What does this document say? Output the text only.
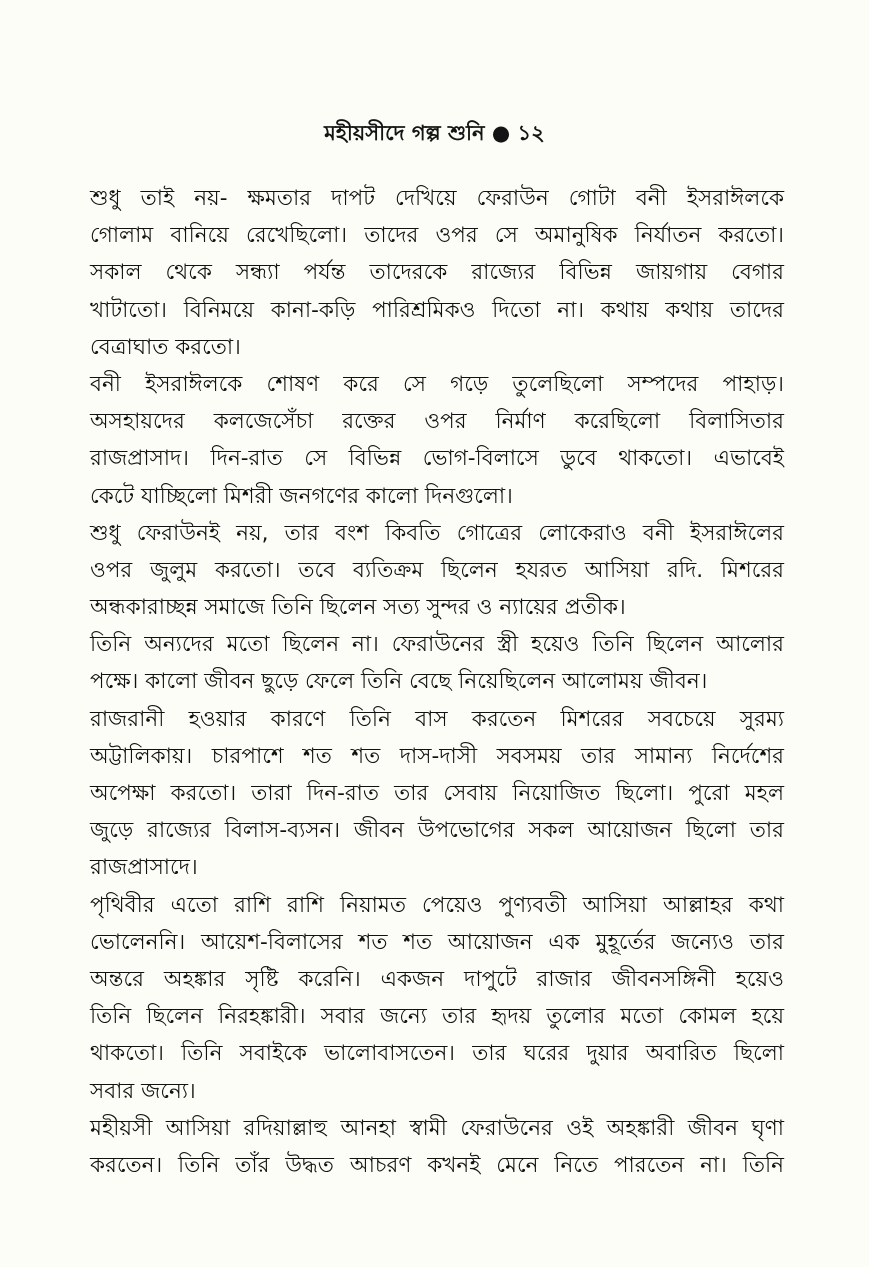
মহীয়সীদে গল্প শুনি ● ১২

শুধু তাই নয়- ক্ষমতার দাপট দেখিয়ে ফেরাউন গোটা বনী ইসরাঈলকে
গোলাম বানিয়ে রেখেছিলো। তাদের ওপর সে অমানুষিক নির্যাতন করতো।
সকাল থেকে সন্ধ্যা পর্যন্ত তাদেরকে রাজ্যের বিভিন্ন জায়গায় বেগার
খাটাতো। বিনিময়ে কানা-কড়ি পারিশ্রমিকও দিতো না। কথায় কথায় তাদের
বেত্রাঘাত করতো।

বনী ইসরাঈলকে শোষণ করে সে গড়ে তুলেছিলো সম্পদের পাহাড়।
অসহায়দের কলজেসেঁচা রক্তের ওপর নির্মাণ করেছিলো বিলাসিতার
রাজপ্রাসাদ। দিন-রাত সে বিভিন্ন ভোগ-বিলাসে ডুবে থাকতো। এভাবেই
কেটে যাচ্ছিলো মিশরী জনগণের কালো দিনগুলো।

শুধু ফেরাউনই নয়, তার বংশ কিবতি গোত্রের লোকেরাও বনী ইসরাঈলের
ওপর জুলুম করতো। তবে ব্যতিক্রম ছিলেন হযরত আসিয়া রদি. মিশরের
অন্ধকারাচ্ছন্ন সমাজে তিনি ছিলেন সত্য সুন্দর ও ন্যায়ের প্রতীক।

তিনি অন্যদের মতো ছিলেন না। ফেরাউনের স্ত্রী হয়েও তিনি ছিলেন আলোর
পক্ষে। কালো জীবন ছুড়ে ফেলে তিনি বেছে নিয়েছিলেন আলোময় জীবন।

রাজরানী হওয়ার কারণে তিনি বাস করতেন মিশরের সবচেয়ে সুরম্য
অট্টালিকায়। চারপাশে শত শত দাস-দাসী সবসময় তার সামান্য নির্দেশের
অপেক্ষা করতো। তারা দিন-রাত তার সেবায় নিয়োজিত ছিলো। পুরো মহল
জুড়ে রাজ্যের বিলাস-ব্যসন। জীবন উপভোগের সকল আয়োজন ছিলো তার
রাজপ্রাসাদে।

পৃথিবীর এতো রাশি রাশি নিয়ামত পেয়েও পুণ্যবতী আসিয়া আল্লাহর কথা
ভোলেননি। আয়েশ-বিলাসের শত শত আয়োজন এক মুহূর্তের জন্যেও তার
অন্তরে অহঙ্কার সৃষ্টি করেনি। একজন দাপুটে রাজার জীবনসঙ্গিনী হয়েও
তিনি ছিলেন নিরহঙ্কারী। সবার জন্যে তার হৃদয় তুলোর মতো কোমল হয়ে
থাকতো। তিনি সবাইকে ভালোবাসতেন। তার ঘরের দুয়ার অবারিত ছিলো
সবার জন্যে।

মহীয়সী আসিয়া রদিয়াল্লাহু আনহা স্বামী ফেরাউনের ওই অহঙ্কারী জীবন ঘৃণা
করতেন। তিনি তাঁর উদ্ধত আচরণ কখনই মেনে নিতে পারতেন না। তিনি
